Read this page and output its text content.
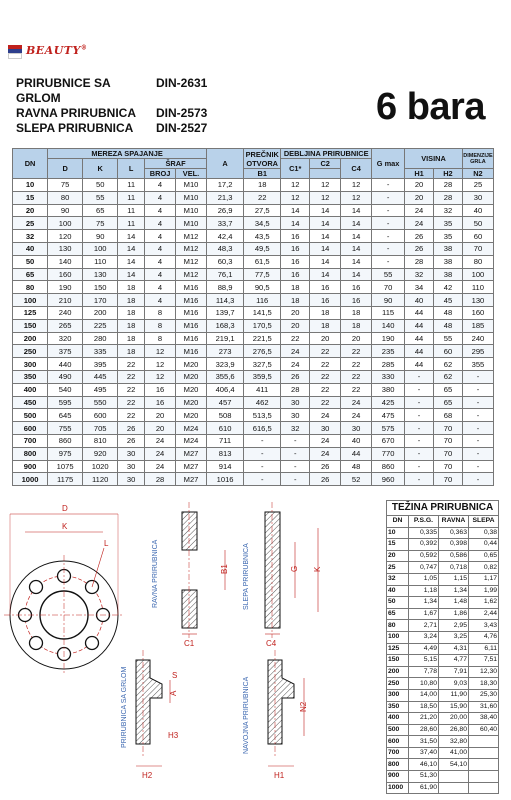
BEAUTY®
PRIRUBNICE SA GRLOM
DIN-2631
RAVNA PRIRUBNICA	DIN-2573
SLEPA PRIRUBNICA	DIN-2527	6 bara
DN	MEREZA SPAJANJE					A	PREČNIK OTVORA	DEBLJINA PRIRUBNICE			G max	VISINA		DIMENZIJE GRLA
	D	K	L	ŠRAF				C1*	C2	C4				
				BROJ	VEL.		B1					H1	H2	N2
10	75	50	11	4	M10	17,2	18	12	12	12	-	20	28	25
15	80	55	11	4	M10	21,3	22	12	12	12	-	20	28	30
20	90	65	11	4	M10	26,9	27,5	14	14	14	-	24	32	40
25	100	75	11	4	M10	33,7	34,5	14	14	14	-	24	35	50
32	120	90	14	4	M12	42,4	43,5	16	14	14	-	26	35	60
40	130	100	14	4	M12	48,3	49,5	16	14	14	-	26	38	70
50	140	110	14	4	M12	60,3	61,5	16	14	14	-	28	38	80
65	160	130	14	4	M12	76,1	77,5	16	14	14	55	32	38	100
80	190	150	18	4	M16	88,9	90,5	18	16	16	70	34	42	110
100	210	170	18	4	M16	114,3	116	18	16	16	90	40	45	130
125	240	200	18	8	M16	139,7	141,5	20	18	18	115	44	48	160
150	265	225	18	8	M16	168,3	170,5	20	18	18	140	44	48	185
200	320	280	18	8	M16	219,1	221,5	22	20	20	190	44	55	240
250	375	335	18	12	M16	273	276,5	24	22	22	235	44	60	295
300	440	395	22	12	M20	323,9	327,5	24	22	22	285	44	62	355
350	490	445	22	12	M20	355,6	359,5	26	22	22	330	-	62	-
400	540	495	22	16	M20	406,4	411	28	22	22	380	-	65	-
450	595	550	22	16	M20	457	462	30	22	24	425	-	65	-
500	645	600	22	20	M20	508	513,5	30	24	24	475	-	68	-
600	755	705	26	20	M24	610	616,5	32	30	30	575	-	70	-
700	860	810	26	24	M24	711	-	-	24	40	670	-	70	-
800	975	920	30	24	M27	813	-	-	24	44	770	-	70	-
900	1075	1020	30	24	M27	914	-	-	26	48	860	-	70	-
1000	1175	1120	30	28	M27	1016	-	-	26	52	960	-	70	-
D
K
L
B1
C1
RAVNA PRIRUBNICA	G K
C4
SLEPA PRIRUBNICA
A
S
H3
H2
PRIRUBNICA SA GRLOM	N2
H1
NAVOJNA PRIRUBNICA
TEŽINA PRIRUBNICA			
DN	P.S.G.	RAVNA	SLEPA
10	0,335	0,363	0,38
15	0,392	0,398	0,44
20	0,592	0,586	0,65
25	0,747	0,718	0,82
32	1,05	1,15	1,17
40	1,18	1,34	1,99
50	1,34	1,48	1,62
65	1,67	1,86	2,44
80	2,71	2,95	3,43
100	3,24	3,25	4,76
125	4,49	4,31	6,11
150	5,15	4,77	7,51
200	7,78	7,91	12,30
250	10,80	9,03	18,30
300	14,00	11,90	25,30
350	18,50	15,90	31,60
400	21,20	20,00	38,40
500	28,60	26,80	60,40
600	31,50	32,80	
700	37,40	41,00	
800	46,10	54,10	
900	51,30		
1000	61,90		
